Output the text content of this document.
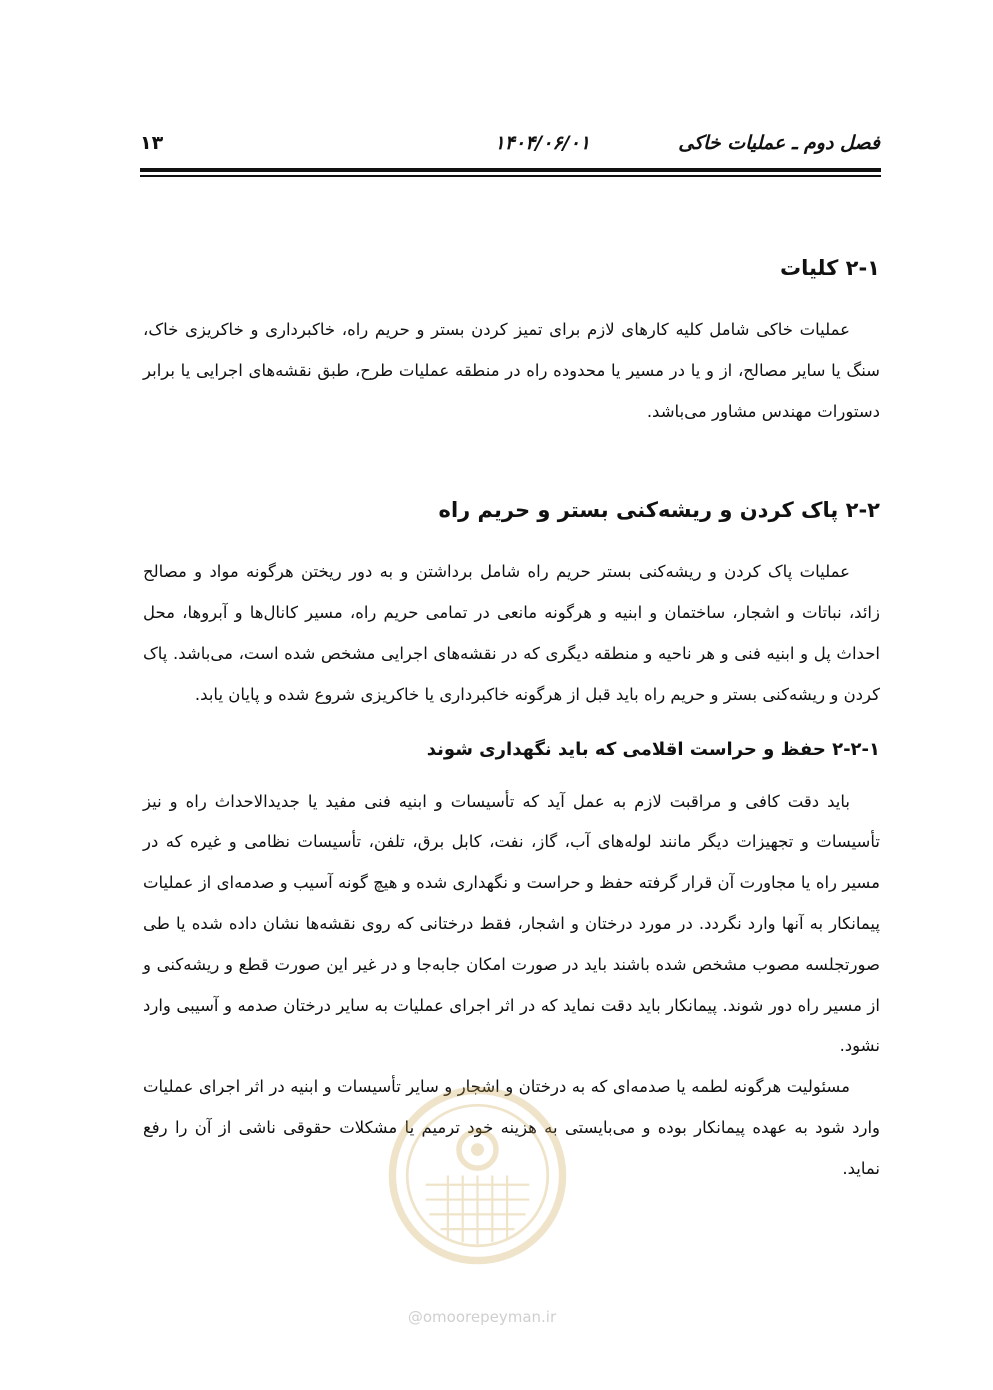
فصل دوم ـ عملیات خاکی
۱۴۰۴/۰۶/۰۱
۱۳
۲-۱ کلیات

عملیات خاکی شامل کلیه کارهای لازم برای تمیز کردن بستر و حریم راه، خاکبرداری و خاکریزی خاک، سنگ یا سایر مصالح، از و یا در مسیر یا محدوده راه در منطقه عملیات طرح، طبق نقشه‌های اجرایی یا برابر دستورات مهندس مشاور می‌باشد.

۲-۲ پاک کردن و ریشه‌کنی بستر و حریم راه

عملیات پاک کردن و ریشه‌کنی بستر حریم راه شامل برداشتن و به دور ریختن هرگونه مواد و مصالح زائد، نباتات و اشجار، ساختمان و ابنیه و هرگونه مانعی در تمامی حریم راه، مسیر کانال‌ها و آبروها، محل احداث پل و ابنیه فنی و هر ناحیه و منطقه دیگری که در نقشه‌های اجرایی مشخص شده است، می‌باشد. پاک کردن و ریشه‌کنی بستر و حریم راه باید قبل از هرگونه خاکبرداری یا خاکریزی شروع شده و پایان یابد.

۲-۲-۱ حفظ و حراست اقلامی که باید نگهداری شوند

باید دقت کافی و مراقبت لازم به عمل آید که تأسیسات و ابنیه فنی مفید یا جدیدالاحداث راه و نیز تأسیسات و تجهیزات دیگر مانند لوله‌های آب، گاز، نفت، کابل برق، تلفن، تأسیسات نظامی و غیره که در مسیر راه یا مجاورت آن قرار گرفته حفظ و حراست و نگهداری شده و هیچ گونه آسیب و صدمه‌ای از عملیات پیمانکار به آنها وارد نگردد. در مورد درختان و اشجار، فقط درختانی که روی نقشه‌ها نشان داده شده یا طی صورتجلسه مصوب مشخص شده باشند باید در صورت امکان جابه‌جا و در غیر این صورت قطع و ریشه‌کنی و از مسیر راه دور شوند. پیمانکار باید دقت نماید که در اثر اجرای عملیات به سایر درختان صدمه و آسیبی وارد نشود.

مسئولیت هرگونه لطمه یا صدمه‌ای که به درختان و اشجار و سایر تأسیسات و ابنیه در اثر اجرای عملیات وارد شود به عهده پیمانکار بوده و می‌بایستی به هزینه خود ترمیم یا مشکلات حقوقی ناشی از آن را رفع نماید.

@omoorepeyman.ir
